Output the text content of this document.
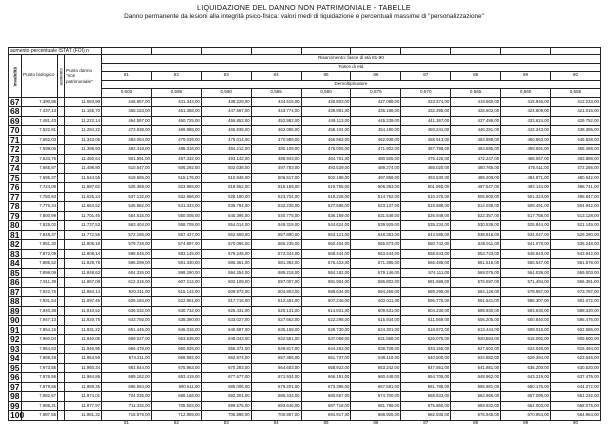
LIQUIDAZIONE DEL DANNO NON PATRIMONIALE - TABELLE
Danno permanente da lesioni alla integrità psico-fisica: valori medi di liquidazione e percentuali massime di "personalizzazione"
aumento percentuale ISTAT (FOI) n													
Invalidità	Punto biologico	aumento	Punto danno "non patrimoniale"	Risarcimento: fasce di età 81-90									
				Fasce di età									
				81	82	83	84	85	86	87	88	89	90
				Demoltiplicatore									
				0,600	0,595	0,590	0,585	0,580	0,575	0,570	0,565	0,560	0,555
67	7.390,96		11.083,99	446.657,00	441.343,00	438.229,00	434.515,00	430.803,00	427.088,00	423.374,00	419.660,00	415.946,00	412.233,00
68	7.437,13		11.155,70	455.153,00	451.358,00	447.567,00	443.774,00	439.981,00	436.188,00	432.395,00	428.602,00	424.809,00	421.016,00
69	7.481,43		11.222,14	464.597,00	460.725,00	456.852,00	452.982,00	449.113,00	445.239,00	441.367,00	437.496,00	433.624,00	429.752,00
70	7.522,81		11.284,22	473.638,00	469.988,00	465.939,00	462.086,00	458.104,00	454.190,00	450.241,00	446.291,00	442.343,00	438.395,00
71	7.562,03		11.343,05	483.064,00	479.039,00	475.014,00	470.989,00	466.963,00	462.938,00	458.913,00	454.888,00	450.863,00	446.838,00
72	7.599,06		11.398,60	492.418,00	488.316,00	484.212,00	480.109,00	476.005,00	471.902,00	467.799,00	463.695,00	459.591,00	455.488,00
73	7.633,76		11.450,64	501.591,00	497.332,00	493.142,00	488.943,00	484.761,00	480.505,00	476.426,00	472.247,00	468.067,00	463.888,00
74	7.665,87		11.498,80	510.547,00	506.292,00	502.038,00	497.783,00	493.529,00	489.274,00	485.020,00	480.765,00	476.511,00	472.256,00
75	7.695,37		11.544,55	519.565,00	515.176,00	510.846,00	506.517,00	502.188,00	497.859,00	493.530,00	489.200,00	484.871,00	480.542,00
76	7.724,08		11.587,62	528.369,00	523.965,00	519.562,00	515.159,00	510.756,00	506.353,00	501.950,00	497.547,00	493.144,00	488.741,00
77	7.750,83		11.626,24	537.132,00	532.656,00	528.180,00	523.704,00	519.228,00	514.752,00	510.276,00	505.800,00	501.324,00	496.847,00
78	7.776,34		11.664,52	545.882,00	541.333,00	536.784,00	532.235,00	527.686,00	523.137,00	518.588,00	514.039,00	509.491,00	504.942,00
79	7.800,99		11.701,46	554.615,00	550.005,00	545.395,00	540.775,00	536.169,00	531.548,00	526.949,00	522.357,00	517.758,00	513.128,00
80	7.825,02		11.737,53	563.404,00	558.709,00	554.014,00	549.319,00	544.624,00	539.929,00	535.234,00	530.539,00	525.844,00	521.149,00
81	7.848,37		11.772,56	572.195,00	567.427,00	562.659,00	557.890,00	553.121,00	548.353,00	543.585,00	538.816,00	534.047,00	529.280,00
82	7.851,30		11.808,18	579.728,00	574.897,00	570.066,00	565.235,00	560.404,00	555.573,00	550.742,00	545.911,00	541.079,00	536.248,00
83	7.872,09		11.808,14	588.045,00	583.145,00	578.245,00	573.344,00	568.444,00	563.544,00	558.643,00	553.743,00	548.843,00	543.942,00
84	7.886,52		11.829,78	596.299,00	591.330,00	586.361,00	581.392,00	576.423,00	571.385,00	566.485,00	561.516,00	556.547,00	551.578,00
85	7.899,09		11.848,63	604.326,00	599.290,00	594.254,00	589.218,00	584.182,00	579.146,00	574.111,00	569.075,00	564.039,00	559.003,00
86	7.911,39		11.867,08	612.315,00	607.212,00	602.109,00	597.007,00	591.904,00	586.802,00	581.699,00	576.597,00	571.494,00	566.391,00
87	7.922,76		11.884,14	620.311,00	615.142,00	609.972,00	604.803,00	599.634,00	594.465,00	589.295,00	584.126,00	578.957,00	573.787,00
88	7.931,54		11.897,46	628.184,00	622.951,00	617.716,00	612.481,00	607.246,00	602.011,00	596.776,00	591.541,00	586.307,00	581.072,00
89	7.940,38		11.910,52	636.032,00	630.732,00	625.431,00	620.131,00	614.831,00	609.531,00	604.230,00	598.930,00	593.630,00	588.330,00
90	7.947,13		11.920,75	643.755,00	638.390,00	633.027,00	627.662,00	622.298,00	616.934,00	611.569,00	606.205,00	600.840,00	595.476,00
91	7.954,15		11.931,22	651.445,00	646.016,00	640.587,00	635.159,00	629.730,00	624.301,00	618.872,00	613.444,00	608.015,00	602.586,00
92	7.960,04		11.940,06	659.027,00	653.535,00	648.043,00	642.551,00	637.059,00	631.568,00	626.076,00	620.584,00	615.092,00	609.600,00
93	7.964,63		11.946,95	666.479,00	660.925,00	655.371,00	649.817,00	644.263,00	638.709,00	633.155,00	627.602,00	622.048,00	616.494,00
94	7.969,48		11.954,59	674.211,00	668.592,00	662.974,00	657.356,00	651.737,00	646.119,00	640.500,00	634.882,00	629.264,00	623.645,00
95	7.973,55		11.960,34	681.644,00	675.963,00	670.283,00	664.603,00	658.922,00	653.242,00	647.561,00	641.881,00	636.200,00	630.520,00
96	7.976,56		11.964,86	689.162,00	683.419,00	677.677,00	671.934,00	666.191,00	660.448,00	654.705,00	648.962,00	643.219,00	637.476,00
97	7.979,56		11.969,35	696.564,00	690.611,00	685.006,00	679.201,00	673.396,00	667.591,00	661.786,00	655.981,00	650.176,00	644.372,00
98	7.982,67		11.974,01	704.035,00	698.168,00	692.301,00	686.434,00	680.567,00	674.700,00	668.833,00	662.966,00	657.099,00	651.232,00
99	7.985,31		11.977,97	711.432,00	705.503,00	699.575,00	693.646,00	687.718,00	681.789,00	675.860,00	669.932,00	664.003,00	658.075,00
100	7.987,55		11.981,32	718.979,00	712.889,00	706.898,00	700.907,00	694.917,00	688.926,00	682.936,00	676.945,00	670.954,00	664.964,00
				81	82	83	84	85	86	87	88	89	90
